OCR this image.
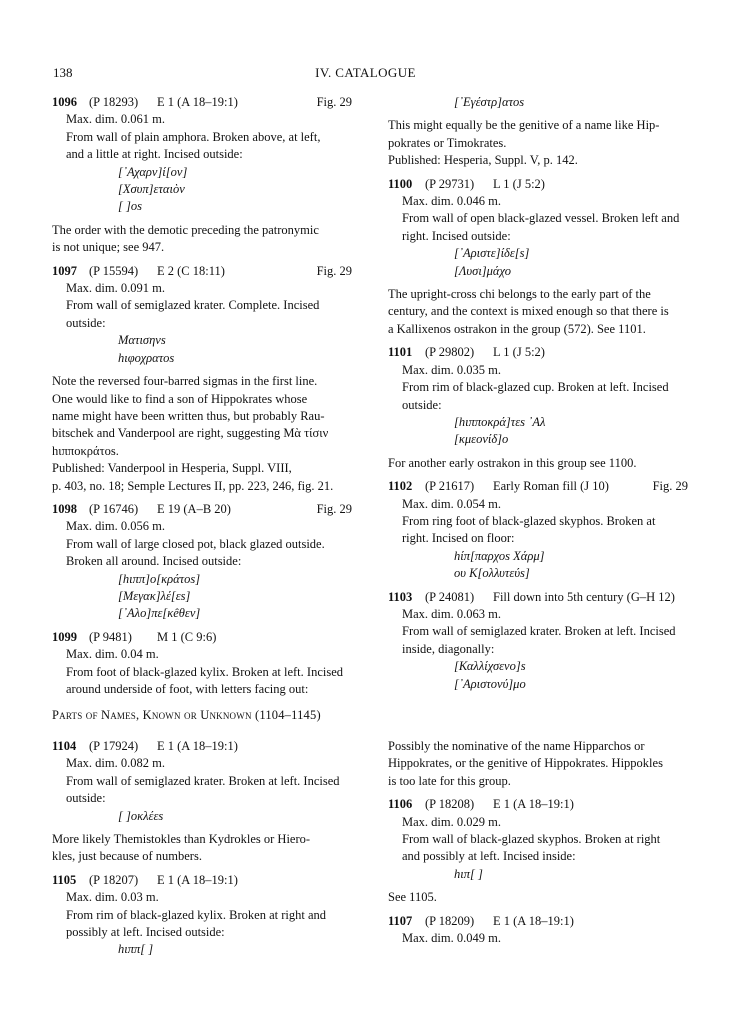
138	IV. CATALOGUE
1096 (P 18293)	E 1 (A 18–19:1)	Fig. 29

Max. dim. 0.061 m.

From wall of plain amphora. Broken above, at left,

and a little at right. Incised outside:

[᾽Αχαρν]ί[ον]

[Χσυπ]εταιὸν

[ ]os

The order with the demotic preceding the patronymic

is not unique; see 947.

1097 (P 15594)	E 2 (C 18:11)	Fig. 29

Max. dim. 0.091 m.

From wall of semiglazed krater. Complete. Incised

outside:

Ματισηνs

hιφοχρατοs

Note the reversed four-barred sigmas in the first line.

One would like to find a son of Hippokrates whose

name might have been written thus, but probably Rau-

bitschek and Vanderpool are right, suggesting Μὰ τίσιν

hιπποκράτοs.

Published: Vanderpool in Hesperia, Suppl. VIII,

p. 403, no. 18; Semple Lectures II, pp. 223, 246, fig. 21.

1098 (P 16746)	E 19 (A–B 20)	Fig. 29

Max. dim. 0.056 m.

From wall of large closed pot, black glazed outside.

Broken all around. Incised outside:

[hιππ]ο[κράτοs]

[Μεγακ]λέ[εs]

[᾽Αλο]πε[κêθεν]

1099 (P 9481)	M 1 (C 9:6)

Max. dim. 0.04 m.

From foot of black-glazed kylix. Broken at left. Incised

around underside of foot, with letters facing out:

[᾽Εγέστρ]ατοs

This might equally be the genitive of a name like Hip-

pokrates or Timokrates.

Published: Hesperia, Suppl. V, p. 142.

1100	(P 29731)	L 1 (J 5:2)

Max. dim. 0.046 m.

From wall of open black-glazed vessel. Broken left and

right. Incised outside:

[᾽Αριστε]ίδε[s]

[Λυσι]μάχο

The upright-cross chi belongs to the early part of the

century, and the context is mixed enough so that there is

a Kallixenos ostrakon in the group (572). See 1101.

1101	(P 29802)	L 1 (J 5:2)

Max. dim. 0.035 m.

From rim of black-glazed cup. Broken at left. Incised

outside:

[hιπποκρά]τεs ᾽Αλ

[κμεονίδ]ο

For another early ostrakon in this group see 1100.

1102	(P 21617)	Early Roman fill (J 10)	Fig. 29

Max. dim. 0.054 m.

From ring foot of black-glazed skyphos. Broken at

right. Incised on floor:

hίπ[παρχοs Χάρμ]

ου Κ[ολλυτεύs]

1103	(P 24081)	Fill down into 5th century (G–H 12)

Max. dim. 0.063 m.

From wall of semiglazed krater. Broken at left. Incised

inside, diagonally:

[Καλλίχσενο]s

[᾽Αριστονύ]μο

Parts of Names, Known or Unknown (1104–1145)
1104	(P 17924)	E 1 (A 18–19:1)

Max. dim. 0.082 m.

From wall of semiglazed krater. Broken at left. Incised

outside:

[ ]οκλέεs

More likely Themistokles than Kydrokles or Hiero-

kles, just because of numbers.

1105	(P 18207)	E 1 (A 18–19:1)

Max. dim. 0.03 m.

From rim of black-glazed kylix. Broken at right and

possibly at left. Incised outside:

hιππ[ ]

Possibly the nominative of the name Hipparchos or

Hippokrates, or the genitive of Hippokrates. Hippokles

is too late for this group.

1106	(P 18208)	E 1 (A 18–19:1)

Max. dim. 0.029 m.

From wall of black-glazed skyphos. Broken at right

and possibly at left. Incised inside:

hιπ[ ]

See 1105.

1107	(P 18209)	E 1 (A 18–19:1)

Max. dim. 0.049 m.
